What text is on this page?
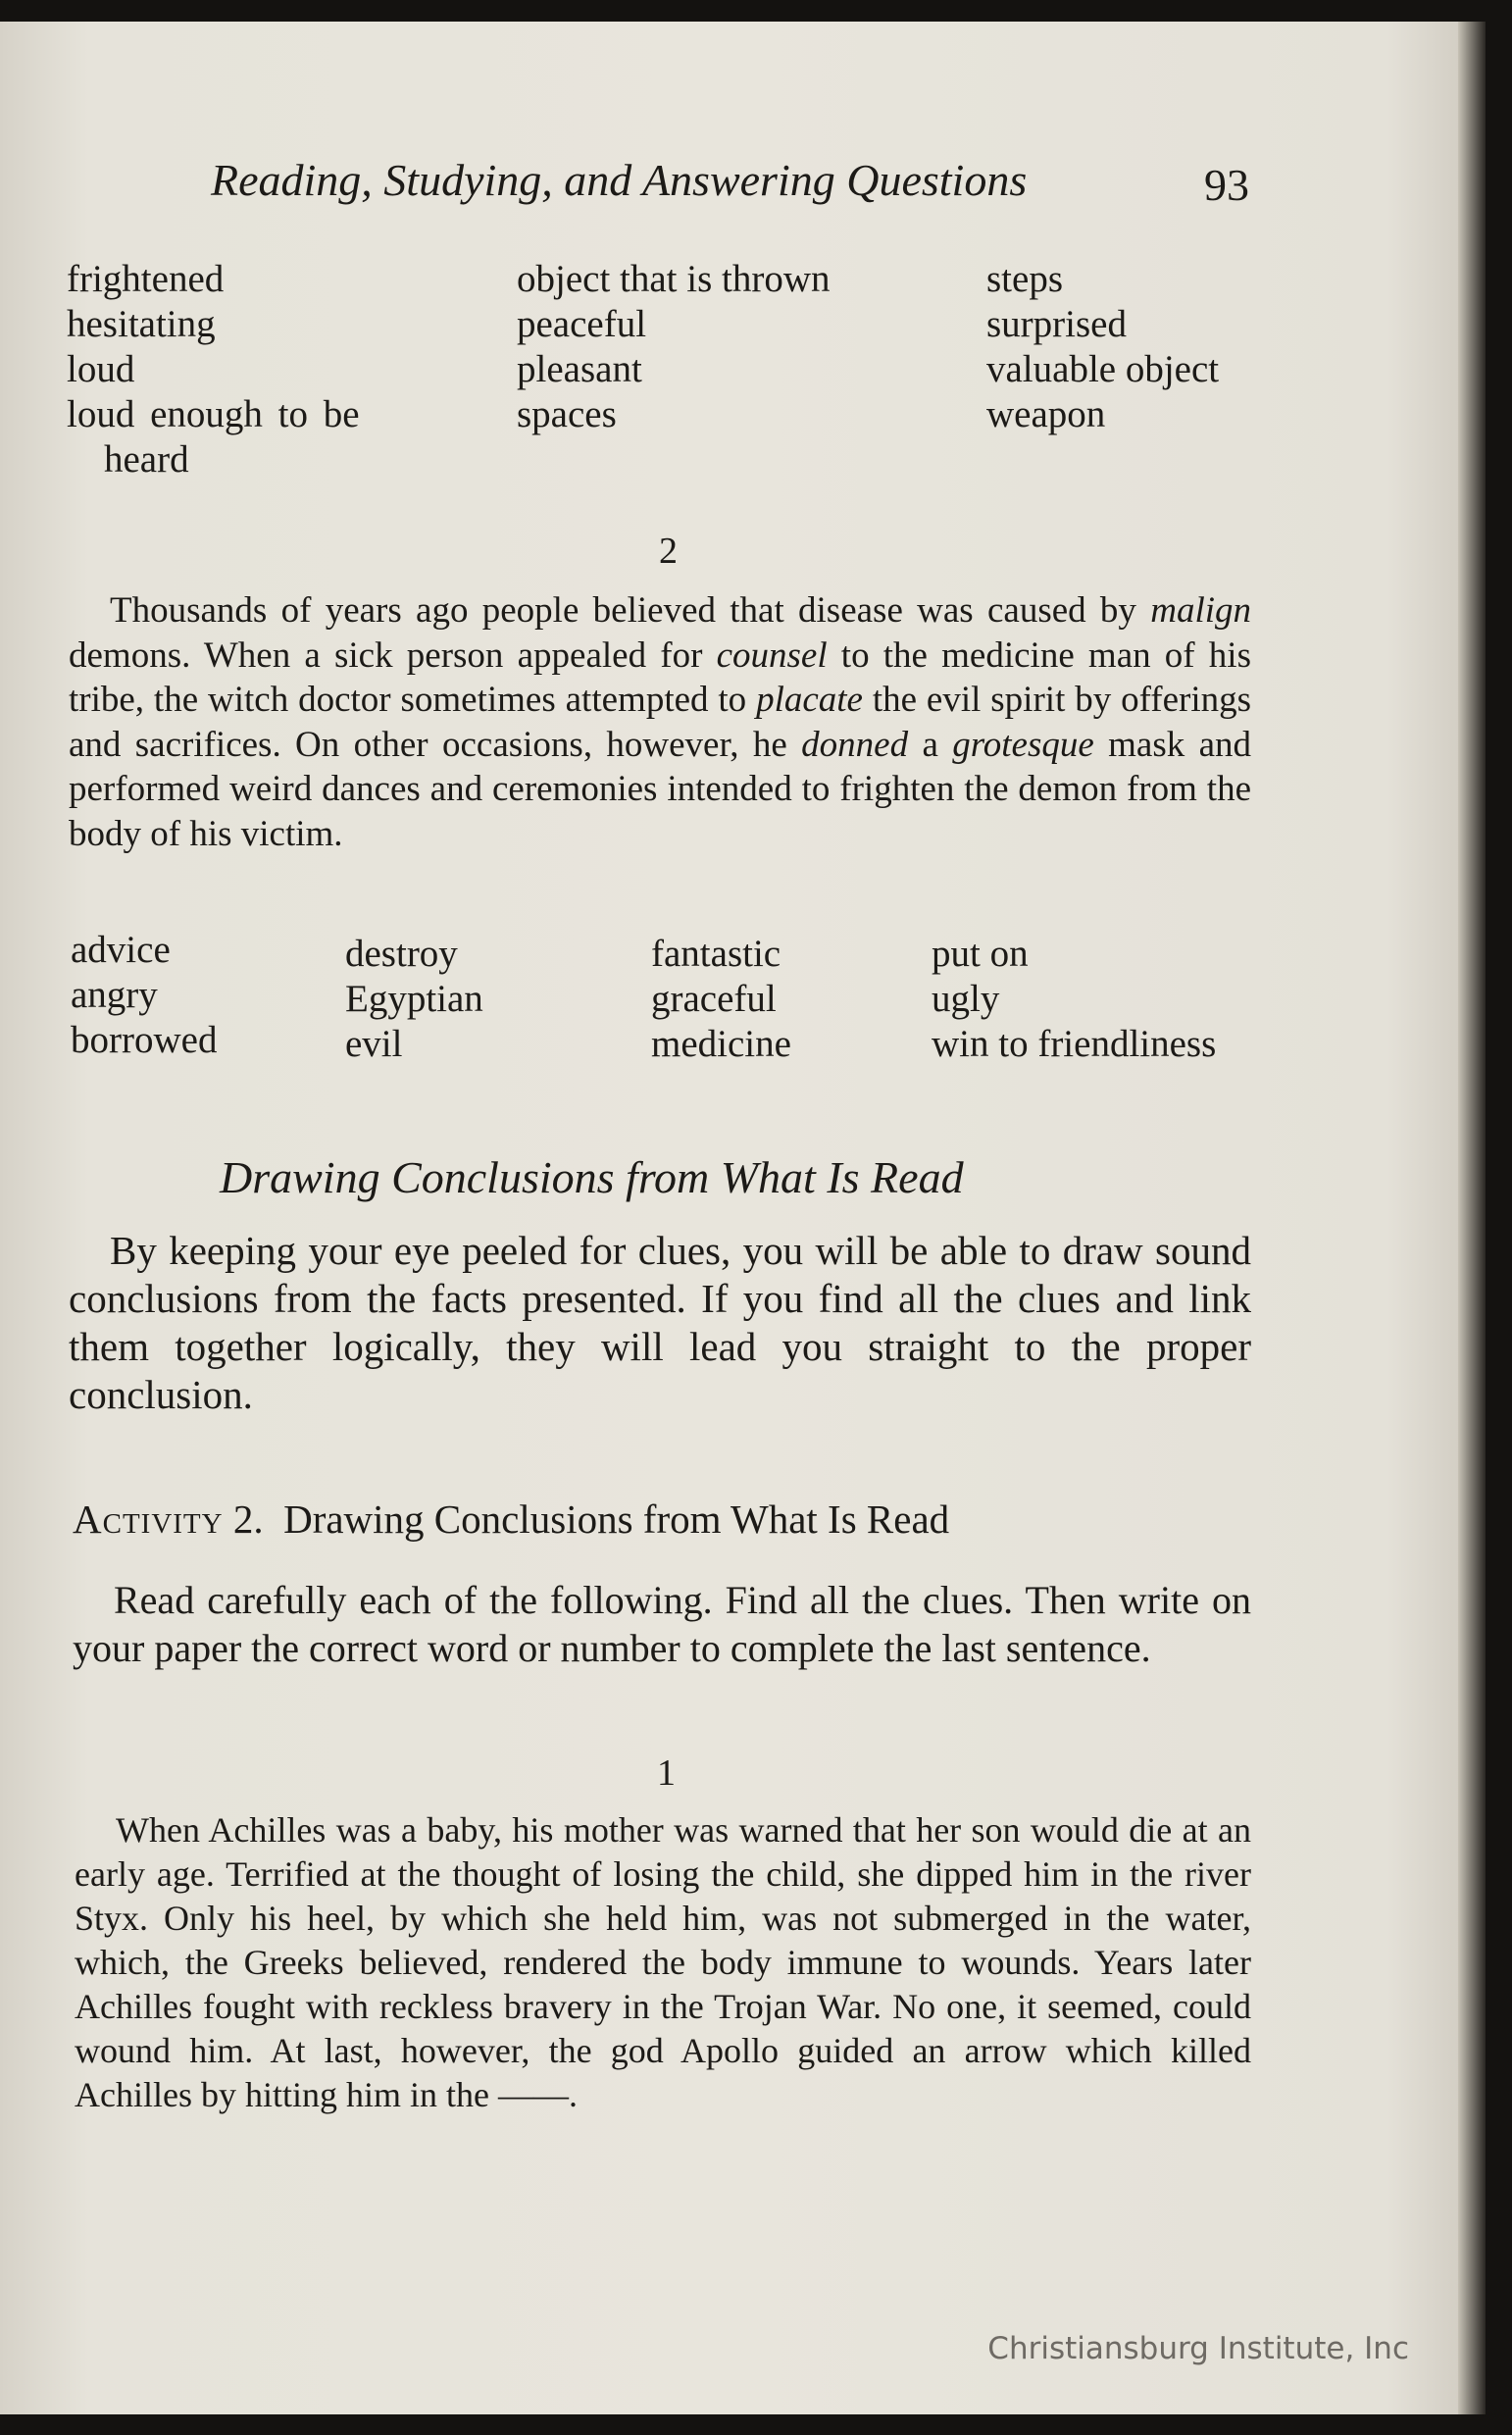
Reading, Studying, and Answering Questions	93

frightened
hesitating
loud
loud enough to be
heard
object that is thrown
peaceful
pleasant
spaces
steps
surprised
valuable object
weapon
2

Thousands of years ago people believed that disease was caused by malign demons. When a sick person appealed for counsel to the medicine man of his tribe, the witch doctor sometimes attempted to placate the evil spirit by offerings and sacrifices. On other occasions, however, he donned a grotesque mask and performed weird dances and ceremonies intended to frighten the demon from the body of his victim.

advice
angry
borrowed
destroy
Egyptian
evil
fantastic
graceful
medicine
put on
ugly
win to friendliness

Drawing Conclusions from What Is Read

By keeping your eye peeled for clues, you will be able to draw sound conclusions from the facts presented. If you find all the clues and link them together logically, they will lead you straight to the proper conclusion.

Activity 2. Drawing Conclusions from What Is Read

Read carefully each of the following. Find all the clues. Then write on your paper the correct word or number to complete the last sentence.

1

When Achilles was a baby, his mother was warned that her son would die at an early age. Terrified at the thought of losing the child, she dipped him in the river Styx. Only his heel, by which she held him, was not submerged in the water, which, the Greeks believed, rendered the body immune to wounds. Years later Achilles fought with reckless bravery in the Trojan War. No one, it seemed, could wound him. At last, however, the god Apollo guided an arrow which killed Achilles by hitting him in the ——.

Christiansburg Institute, Inc
